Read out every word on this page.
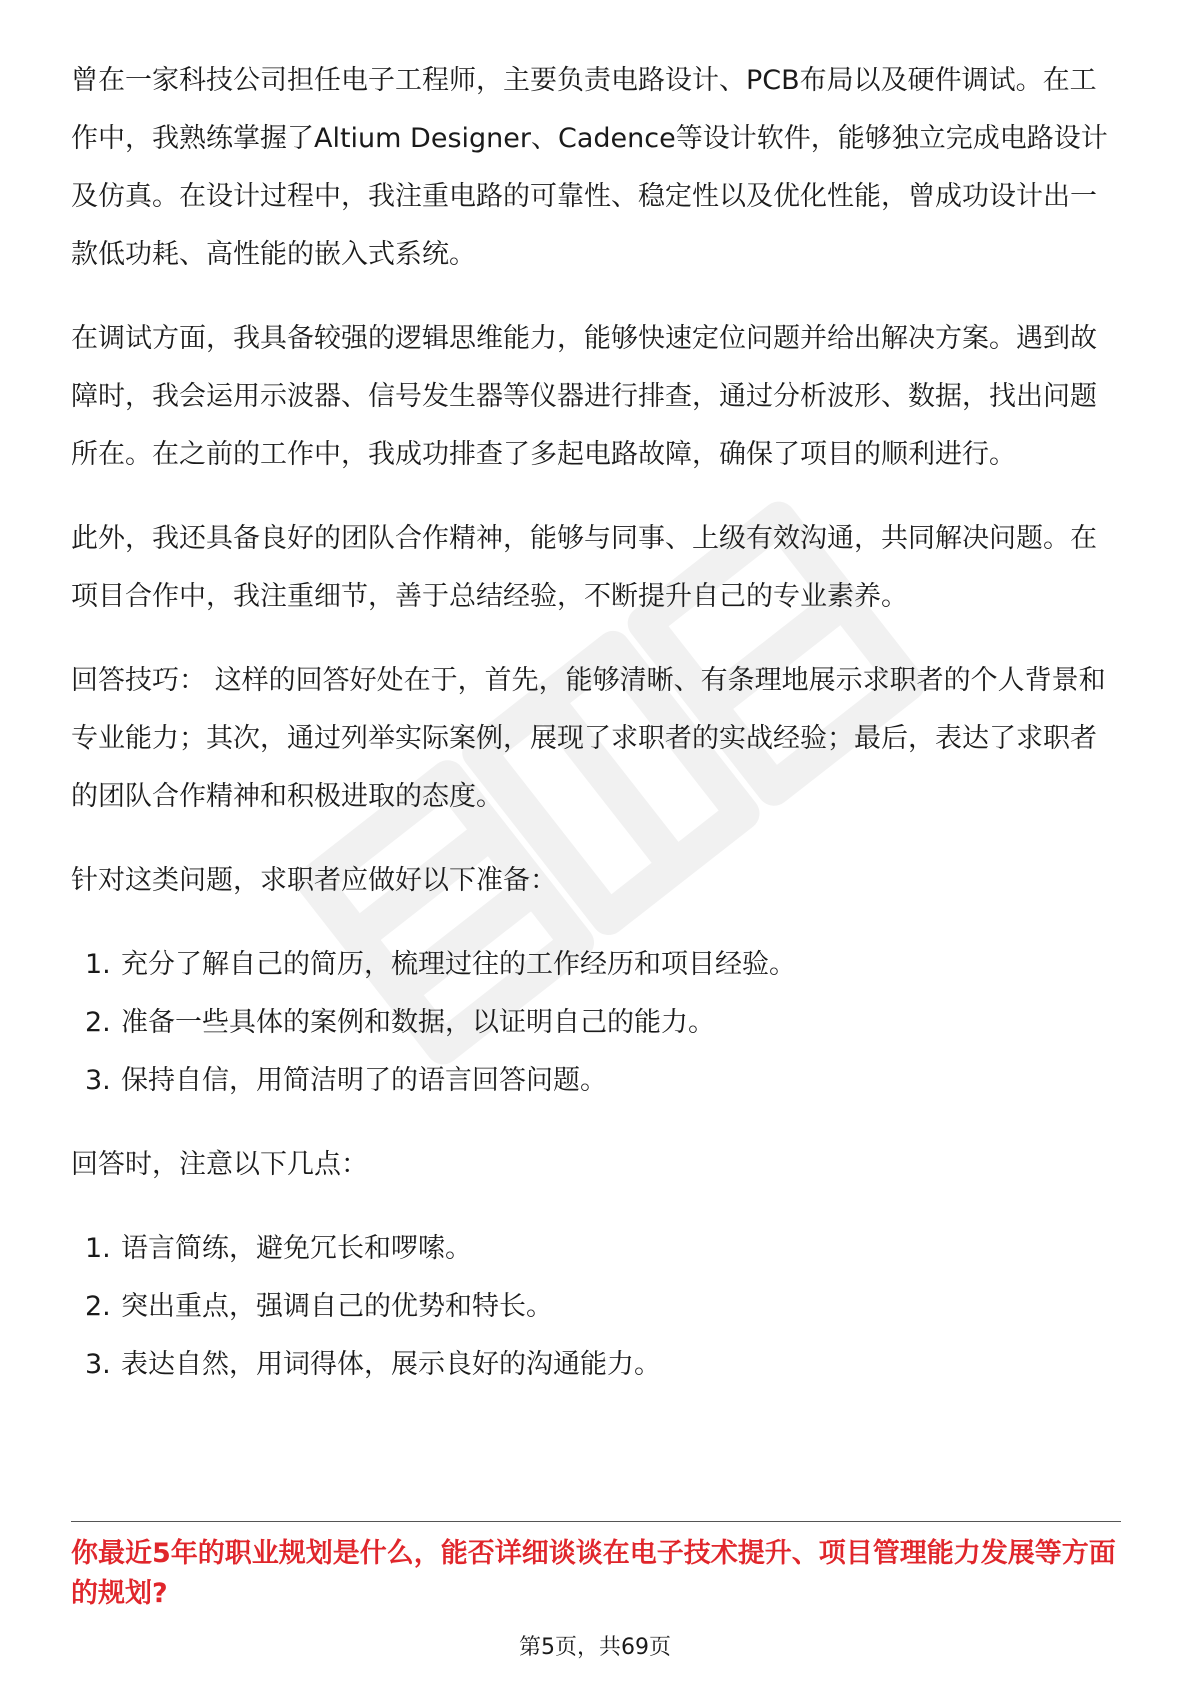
曾在一家科技公司担任电子工程师，主要负责电路设计、PCB布局以及硬件调试。在工作中，我熟练掌握了Altium Designer、Cadence等设计软件，能够独立完成电路设计及仿真。在设计过程中，我注重电路的可靠性、稳定性以及优化性能，曾成功设计出一款低功耗、高性能的嵌入式系统。

在调试方面，我具备较强的逻辑思维能力，能够快速定位问题并给出解决方案。遇到故障时，我会运用示波器、信号发生器等仪器进行排查，通过分析波形、数据，找出问题所在。在之前的工作中，我成功排查了多起电路故障，确保了项目的顺利进行。

此外，我还具备良好的团队合作精神，能够与同事、上级有效沟通，共同解决问题。在项目合作中，我注重细节，善于总结经验，不断提升自己的专业素养。

回答技巧： 这样的回答好处在于，首先，能够清晰、有条理地展示求职者的个人背景和专业能力；其次，通过列举实际案例，展现了求职者的实战经验；最后，表达了求职者的团队合作精神和积极进取的态度。

针对这类问题，求职者应做好以下准备：

1. 充分了解自己的简历，梳理过往的工作经历和项目经验。
2. 准备一些具体的案例和数据，以证明自己的能力。
3. 保持自信，用简洁明了的语言回答问题。

回答时，注意以下几点：

1. 语言简练，避免冗长和啰嗦。
2. 突出重点，强调自己的优势和特长。
3. 表达自然，用词得体，展示良好的沟通能力。

你最近5年的职业规划是什么，能否详细谈谈在电子技术提升、项目管理能力发展等方面的规划?

第5页，共69页
